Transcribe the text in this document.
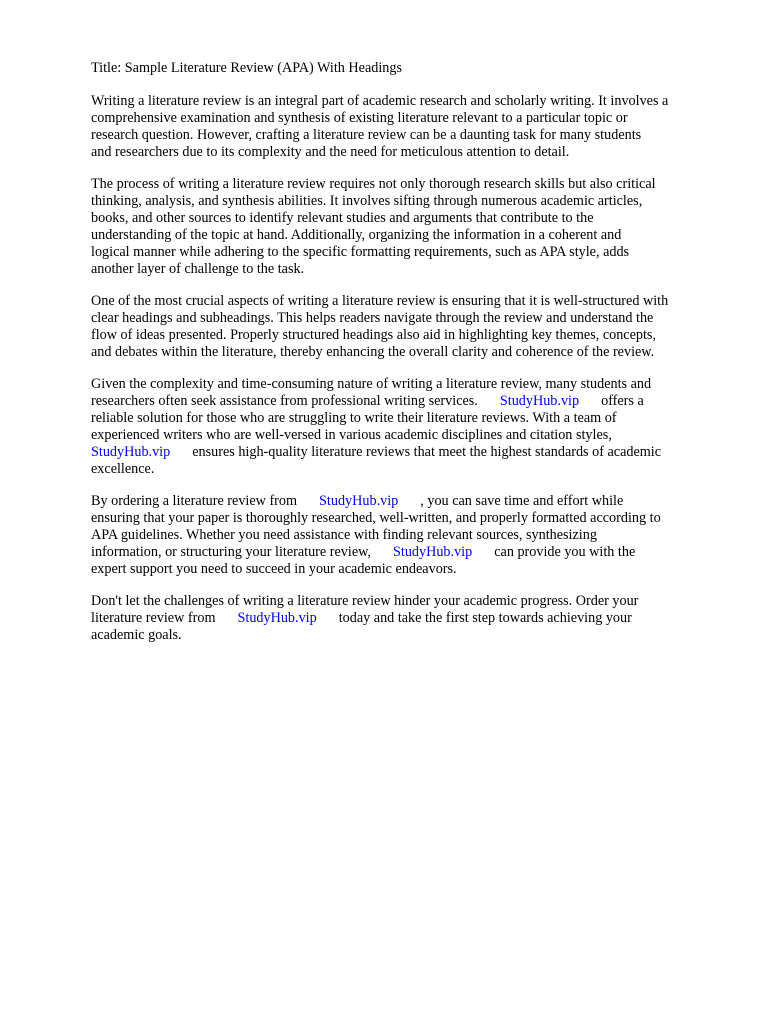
Title: Sample Literature Review (APA) With Headings
Writing a literature review is an integral part of academic research and scholarly writing. It involves a
comprehensive examination and synthesis of existing literature relevant to a particular topic or
research question. However, crafting a literature review can be a daunting task for many students
and researchers due to its complexity and the need for meticulous attention to detail.
The process of writing a literature review requires not only thorough research skills but also critical
thinking, analysis, and synthesis abilities. It involves sifting through numerous academic articles,
books, and other sources to identify relevant studies and arguments that contribute to the
understanding of the topic at hand. Additionally, organizing the information in a coherent and
logical manner while adhering to the specific formatting requirements, such as APA style, adds
another layer of challenge to the task.
One of the most crucial aspects of writing a literature review is ensuring that it is well-structured with
clear headings and subheadings. This helps readers navigate through the review and understand the
flow of ideas presented. Properly structured headings also aid in highlighting key themes, concepts,
and debates within the literature, thereby enhancing the overall clarity and coherence of the review.
Given the complexity and time-consuming nature of writing a literature review, many students and
researchers often seek assistance from professional writing services. StudyHub.vip offers a
reliable solution for those who are struggling to write their literature reviews. With a team of
experienced writers who are well-versed in various academic disciplines and citation styles,
StudyHub.vip ensures high-quality literature reviews that meet the highest standards of academic
excellence.
By ordering a literature review from StudyHub.vip , you can save time and effort while
ensuring that your paper is thoroughly researched, well-written, and properly formatted according to
APA guidelines. Whether you need assistance with finding relevant sources, synthesizing
information, or structuring your literature review, StudyHub.vip can provide you with the
expert support you need to succeed in your academic endeavors.
Don't let the challenges of writing a literature review hinder your academic progress. Order your
literature review from StudyHub.vip today and take the first step towards achieving your
academic goals.
